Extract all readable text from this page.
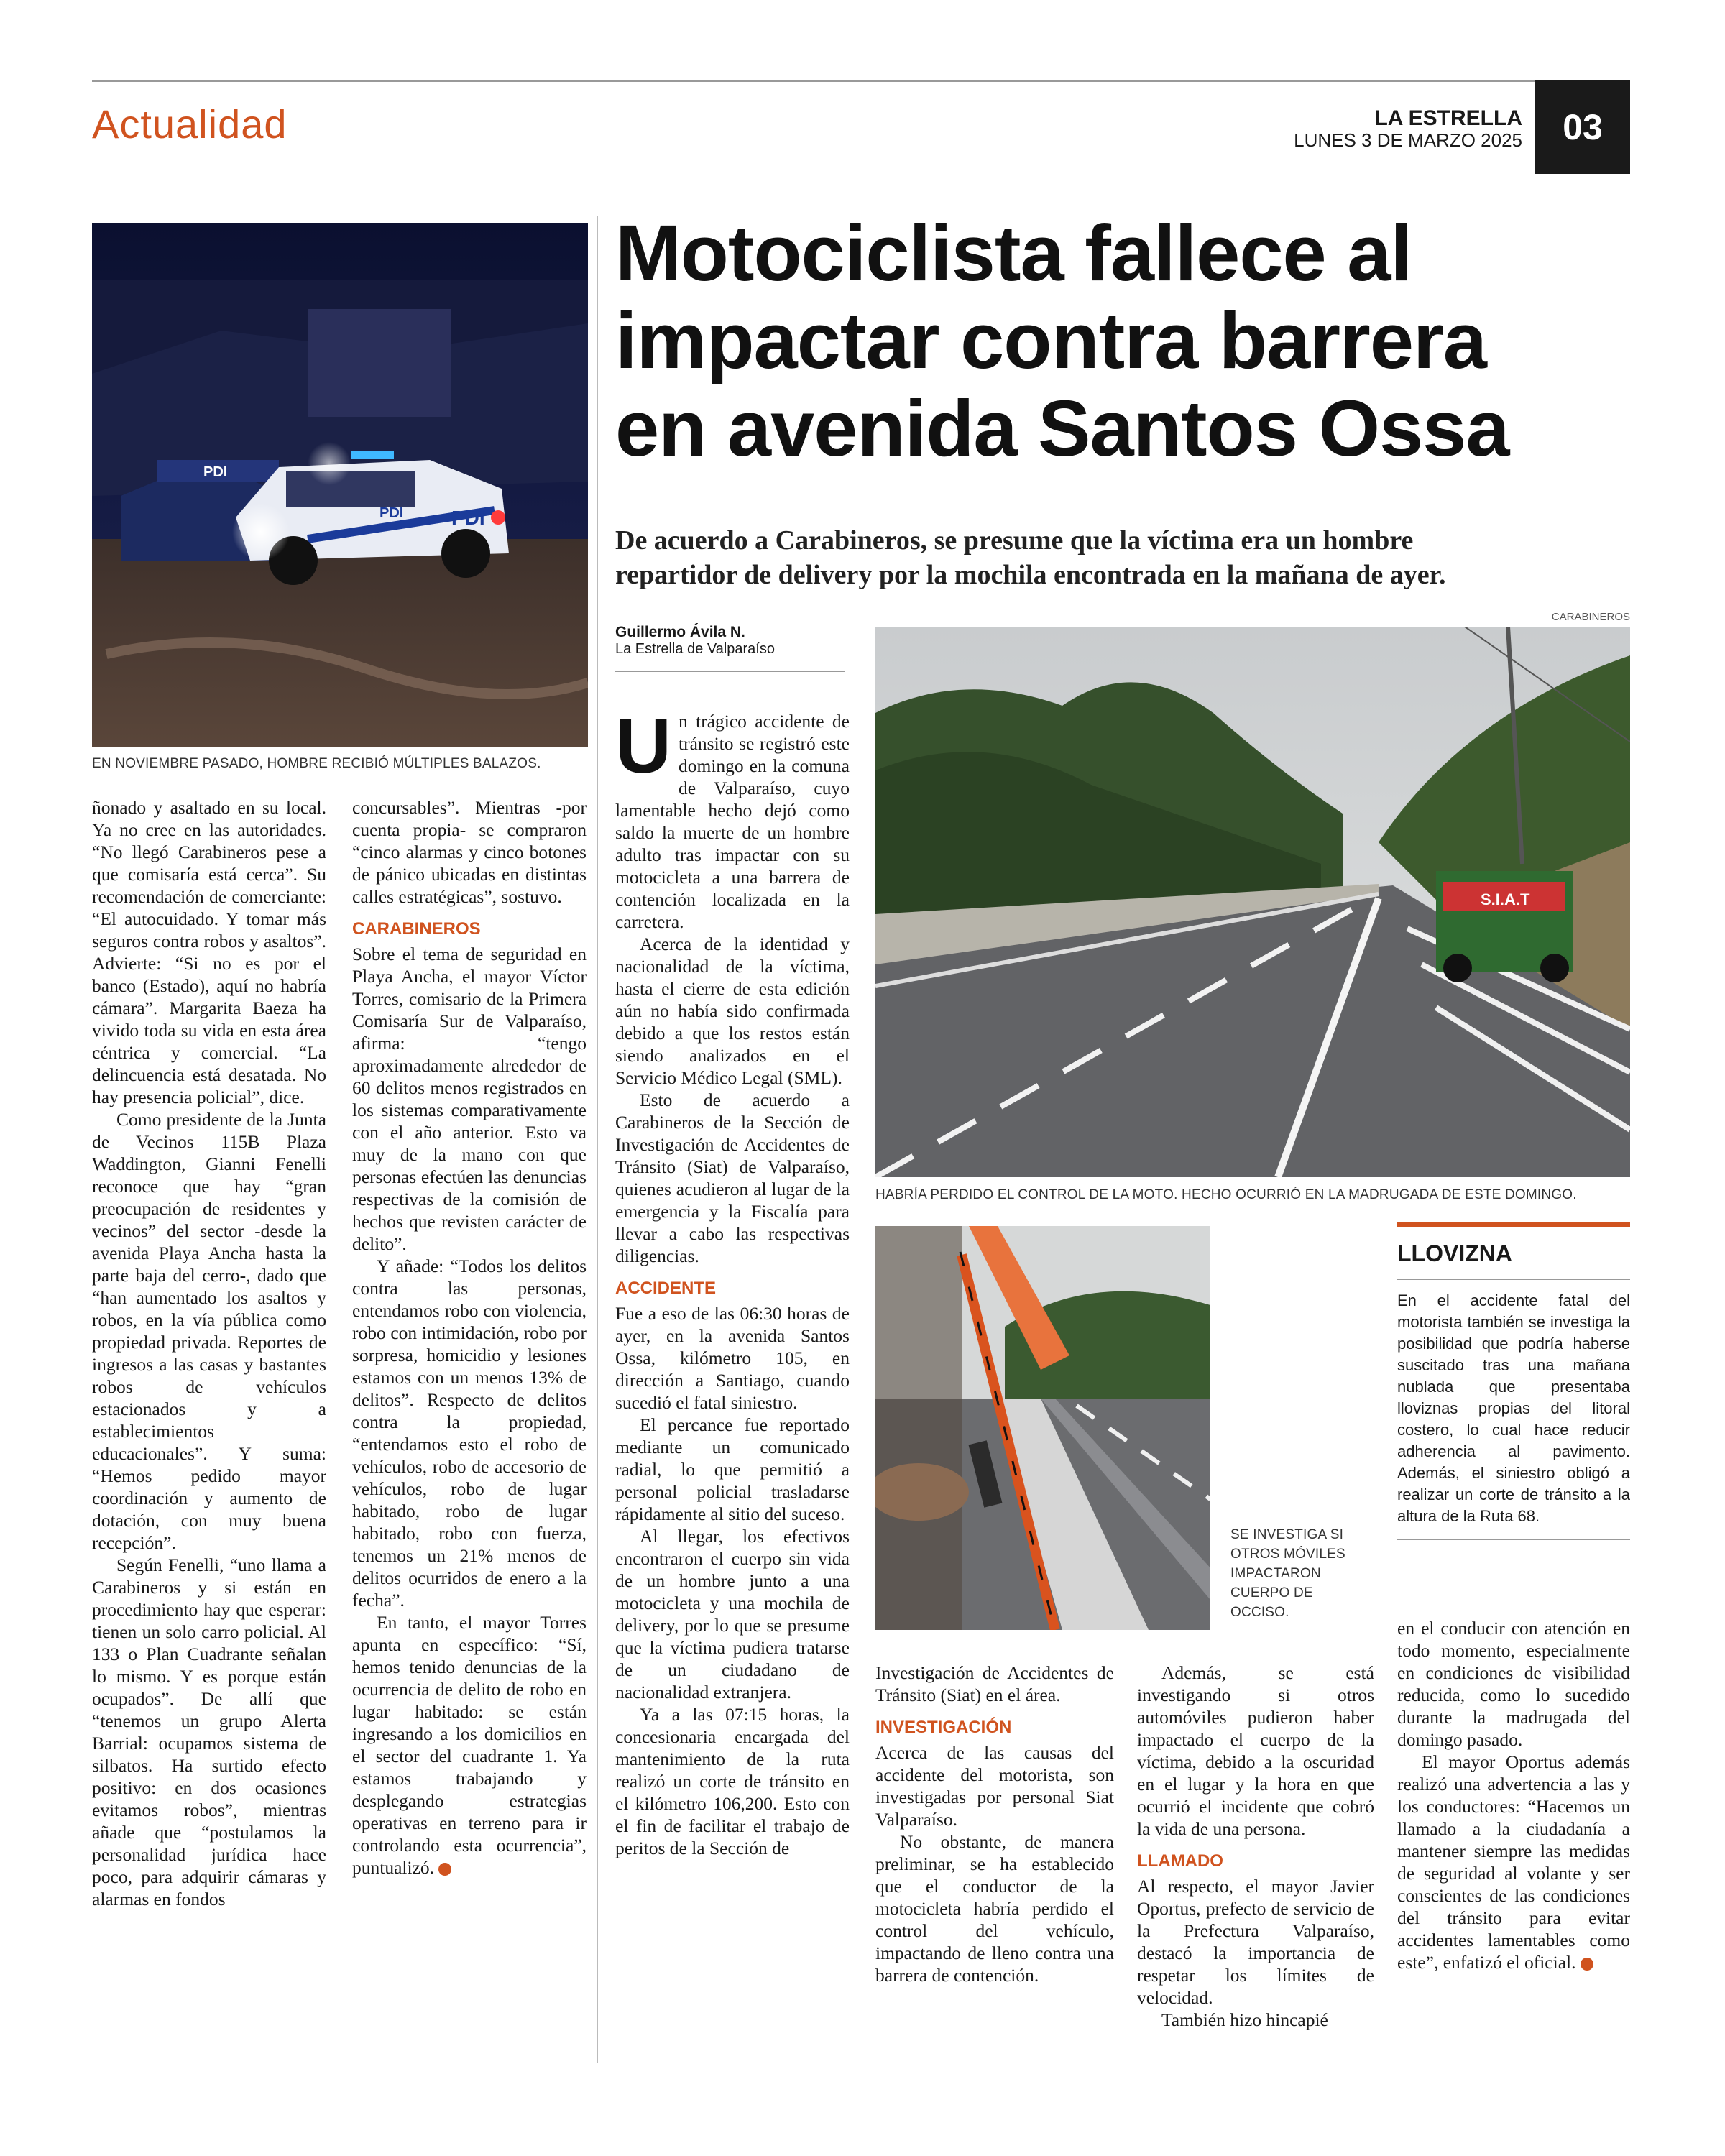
Actualidad	LA ESTRELLA
LUNES 3 DE MARZO 2025 03
PDI
PDI
PDI
EN NOVIEMBRE PASADO, HOMBRE RECIBIÓ MÚLTIPLES BALAZOS.

ñonado y asaltado en su local. Ya no cree en las autoridades. “No llegó Carabineros pese a que comisaría está cerca”. Su recomendación de comerciante: “El autocuidado. Y tomar más seguros contra robos y asaltos”. Advierte: “Si no es por el banco (Estado), aquí no habría cámara”. Margarita Baeza ha vivido toda su vida en esta área céntrica y comercial. “La delincuencia está desatada. No hay presencia policial”, dice.

Como presidente de la Junta de Vecinos 115B Plaza Waddington, Gianni Fenelli reconoce que hay “gran preocupación de residentes y vecinos” del sector -desde la avenida Playa Ancha hasta la parte baja del cerro-, dado que “han aumentado los asaltos y robos, en la vía pública como propiedad privada. Reportes de ingresos a las casas y bastantes robos de vehículos estacionados y a establecimientos educacionales”. Y suma: “Hemos pedido mayor coordinación y aumento de dotación, con muy buena recepción”.

Según Fenelli, “uno llama a Carabineros y si están en procedimiento hay que esperar: tienen un solo carro policial. Al 133 o Plan Cuadrante señalan lo mismo. Y es porque están ocupados”. De allí que “tenemos un grupo Alerta Barrial: ocupamos sistema de silbatos. Ha surtido efecto positivo: en dos ocasiones evitamos robos”, mientras añade que “postulamos la personalidad jurídica hace poco, para adquirir cámaras y alarmas en fondos

concursables”. Mientras -por cuenta propia- se compraron “cinco alarmas y cinco botones de pánico ubicadas en distintas calles estratégicas”, sostuvo.

CARABINEROS

Sobre el tema de seguridad en Playa Ancha, el mayor Víctor Torres, comisario de la Primera Comisaría Sur de Valparaíso, afirma: “tengo aproximadamente alrededor de 60 delitos menos registrados en los sistemas comparativamente con el año anterior. Esto va muy de la mano con que personas efectúen las denuncias respectivas de la comisión de hechos que revisten carácter de delito”.

Y añade: “Todos los delitos contra las personas, entendamos robo con violencia, robo con intimidación, robo por sorpresa, homicidio y lesiones estamos con un menos 13% de delitos”. Respecto de delitos contra la propiedad, “entendamos esto el robo de vehículos, robo de accesorio de vehículos, robo de lugar habitado, robo de lugar habitado, robo con fuerza, tenemos un 21% menos de delitos ocurridos de enero a la fecha”.

En tanto, el mayor Torres apunta en específico: “Sí, hemos tenido denuncias de la ocurrencia de delito de robo en lugar habitado: se están ingresando a los domicilios en el sector del cuadrante 1. Ya estamos trabajando y desplegando estrategias operativas en terreno para ir controlando esta ocurrencia”, puntualizó.

Motociclista fallece al
impactar contra barrera
en avenida Santos Ossa
De acuerdo a Carabineros, se presume que la víctima era un hombre
repartidor de delivery por la mochila encontrada en la mañana de ayer.
Guillermo Ávila N.
La Estrella de Valparaíso
CARABINEROS
S.I.A.T
HABRÍA PERDIDO EL CONTROL DE LA MOTO. HECHO OCURRIÓ EN LA MADRUGADA DE ESTE DOMINGO.
SE INVESTIGA SI OTROS MÓVILES IMPACTARON CUERPO DE OCCISO.

Un trágico accidente de tránsito se registró este domingo en la comuna de Valparaíso, cuyo lamentable hecho dejó como saldo la muerte de un hombre adulto tras impactar con su motocicleta a una barrera de contención localizada en la carretera.

Acerca de la identidad y nacionalidad de la víctima, hasta el cierre de esta edición aún no había sido confirmada debido a que los restos están siendo analizados en el Servicio Médico Legal (SML).

Esto de acuerdo a Carabineros de la Sección de Investigación de Accidentes de Tránsito (Siat) de Valparaíso, quienes acudieron al lugar de la emergencia y la Fiscalía para llevar a cabo las respectivas diligencias.

ACCIDENTE

Fue a eso de las 06:30 horas de ayer, en la avenida Santos Ossa, kilómetro 105, en dirección a Santiago, cuando sucedió el fatal siniestro.

El percance fue reportado mediante un comunicado radial, lo que permitió a personal policial trasladarse rápidamente al sitio del suceso.

Al llegar, los efectivos encontraron el cuerpo sin vida de un hombre junto a una motocicleta y una mochila de delivery, por lo que se presume que la víctima pudiera tratarse de un ciudadano de nacionalidad extranjera.

Ya a las 07:15 horas, la concesionaria encargada del mantenimiento de la ruta realizó un corte de tránsito en el kilómetro 106,200. Esto con el fin de facilitar el trabajo de peritos de la Sección de

Investigación de Accidentes de Tránsito (Siat) en el área.

INVESTIGACIÓN

Acerca de las causas del accidente del motorista, son investigadas por personal Siat Valparaíso.

No obstante, de manera preliminar, se ha establecido que el conductor de la motocicleta habría perdido el control del vehículo, impactando de lleno contra una barrera de contención.

Además, se está investigando si otros automóviles pudieron haber impactado el cuerpo de la víctima, debido a la oscuridad en el lugar y la hora en que ocurrió el incidente que cobró la vida de una persona.

LLAMADO

Al respecto, el mayor Javier Oportus, prefecto de servicio de la Prefectura Valparaíso, destacó la importancia de respetar los límites de velocidad.

También hizo hincapié

LLOVIZNA
En el accidente fatal del motorista también se investiga la posibilidad que podría haberse suscitado tras una mañana nublada que presentaba lloviznas propias del litoral costero, lo cual hace reducir adherencia al pavimento. Además, el siniestro obligó a realizar un corte de tránsito a la altura de la Ruta 68.

en el conducir con atención en todo momento, especialmente en condiciones de visibilidad reducida, como lo sucedido durante la madrugada del domingo pasado.

El mayor Oportus además realizó una advertencia a las y los conductores: “Hacemos un llamado a la ciudadanía a mantener siempre las medidas de seguridad al volante y ser conscientes de las condiciones del tránsito para evitar accidentes lamentables como este”, enfatizó el oficial.
